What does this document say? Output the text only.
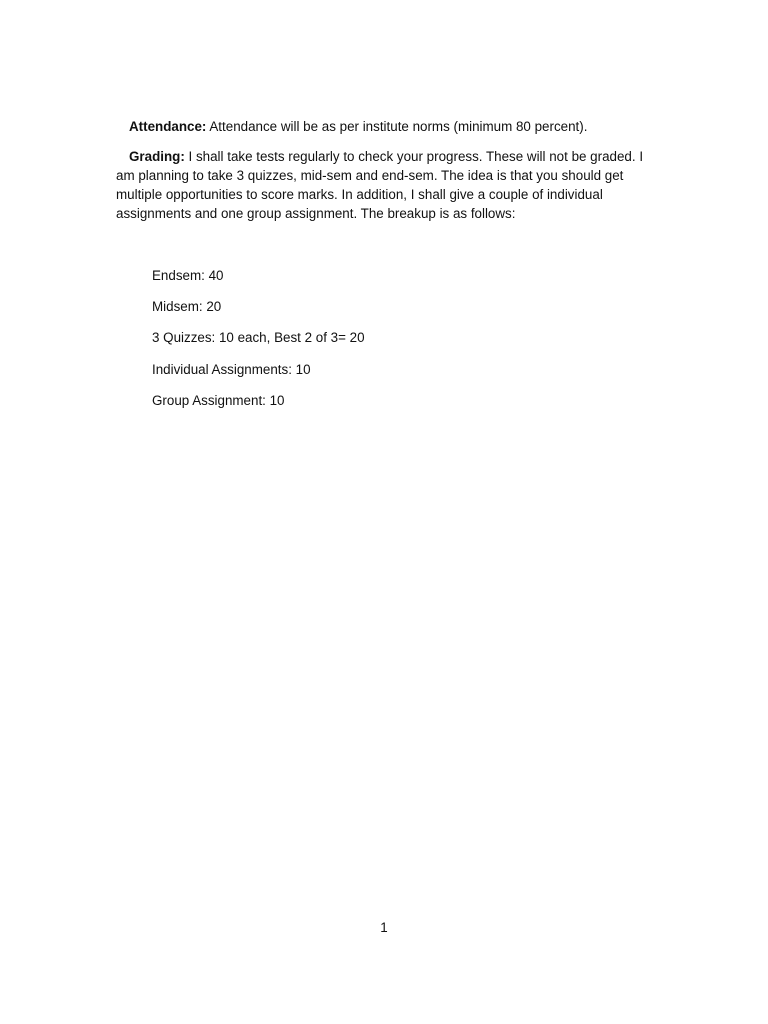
Attendance: Attendance will be as per institute norms (minimum 80 percent).

Grading: I shall take tests regularly to check your progress. These will not be graded. I am planning to take 3 quizzes, mid-sem and end-sem. The idea is that you should get multiple opportunities to score marks. In addition, I shall give a couple of individual assignments and one group assignment. The breakup is as follows:

Endsem: 40
Midsem: 20
3 Quizzes: 10 each, Best 2 of 3= 20
Individual Assignments: 10
Group Assignment: 10
1
